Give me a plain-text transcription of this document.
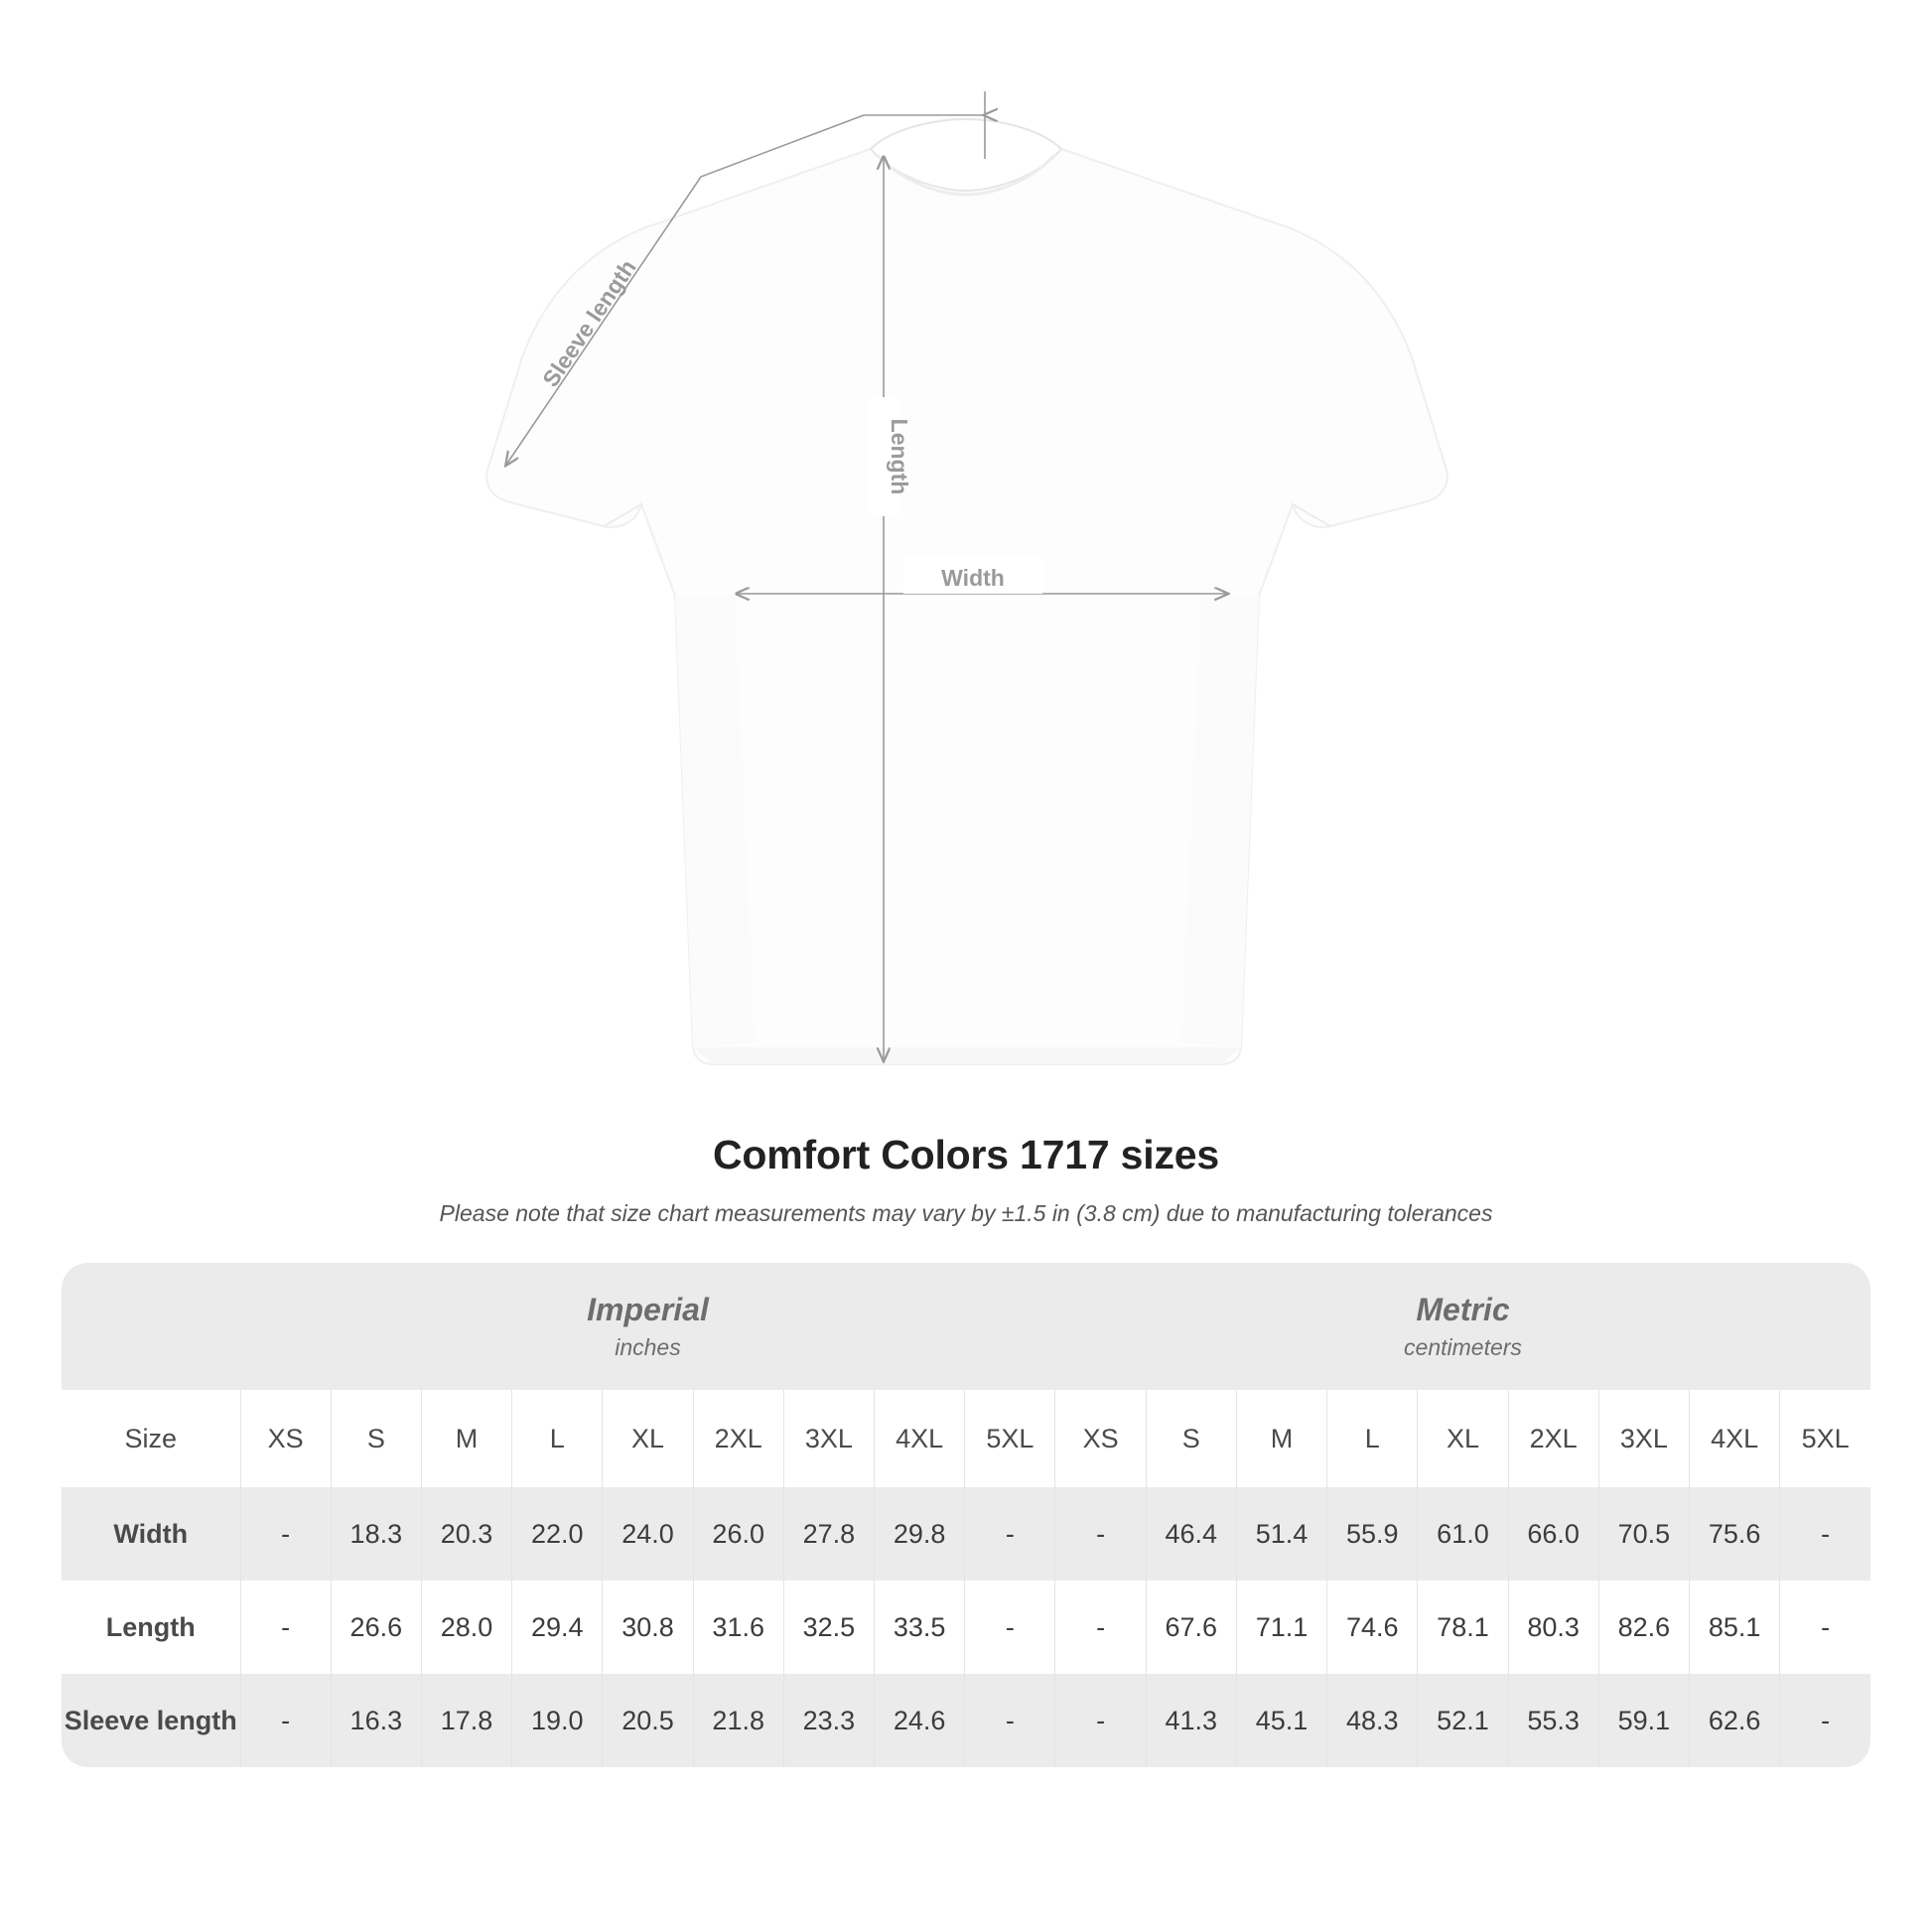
Length
Width
Sleeve length
Comfort Colors 1717 sizes
Please note that size chart measurements may vary by ±1.5 in (3.8 cm) due to manufacturing tolerances

Imperial
inches

Metric
centimeters

Size	XS	S	M	L	XL	2XL	3XL	4XL	5XL	XS	S	M	L	XL	2XL	3XL	4XL	5XL
Width	-	18.3	20.3	22.0	24.0	26.0	27.8	29.8	-	-	46.4	51.4	55.9	61.0	66.0	70.5	75.6	-
Length	-	26.6	28.0	29.4	30.8	31.6	32.5	33.5	-	-	67.6	71.1	74.6	78.1	80.3	82.6	85.1	-
Sleeve length	-	16.3	17.8	19.0	20.5	21.8	23.3	24.6	-	-	41.3	45.1	48.3	52.1	55.3	59.1	62.6	-
